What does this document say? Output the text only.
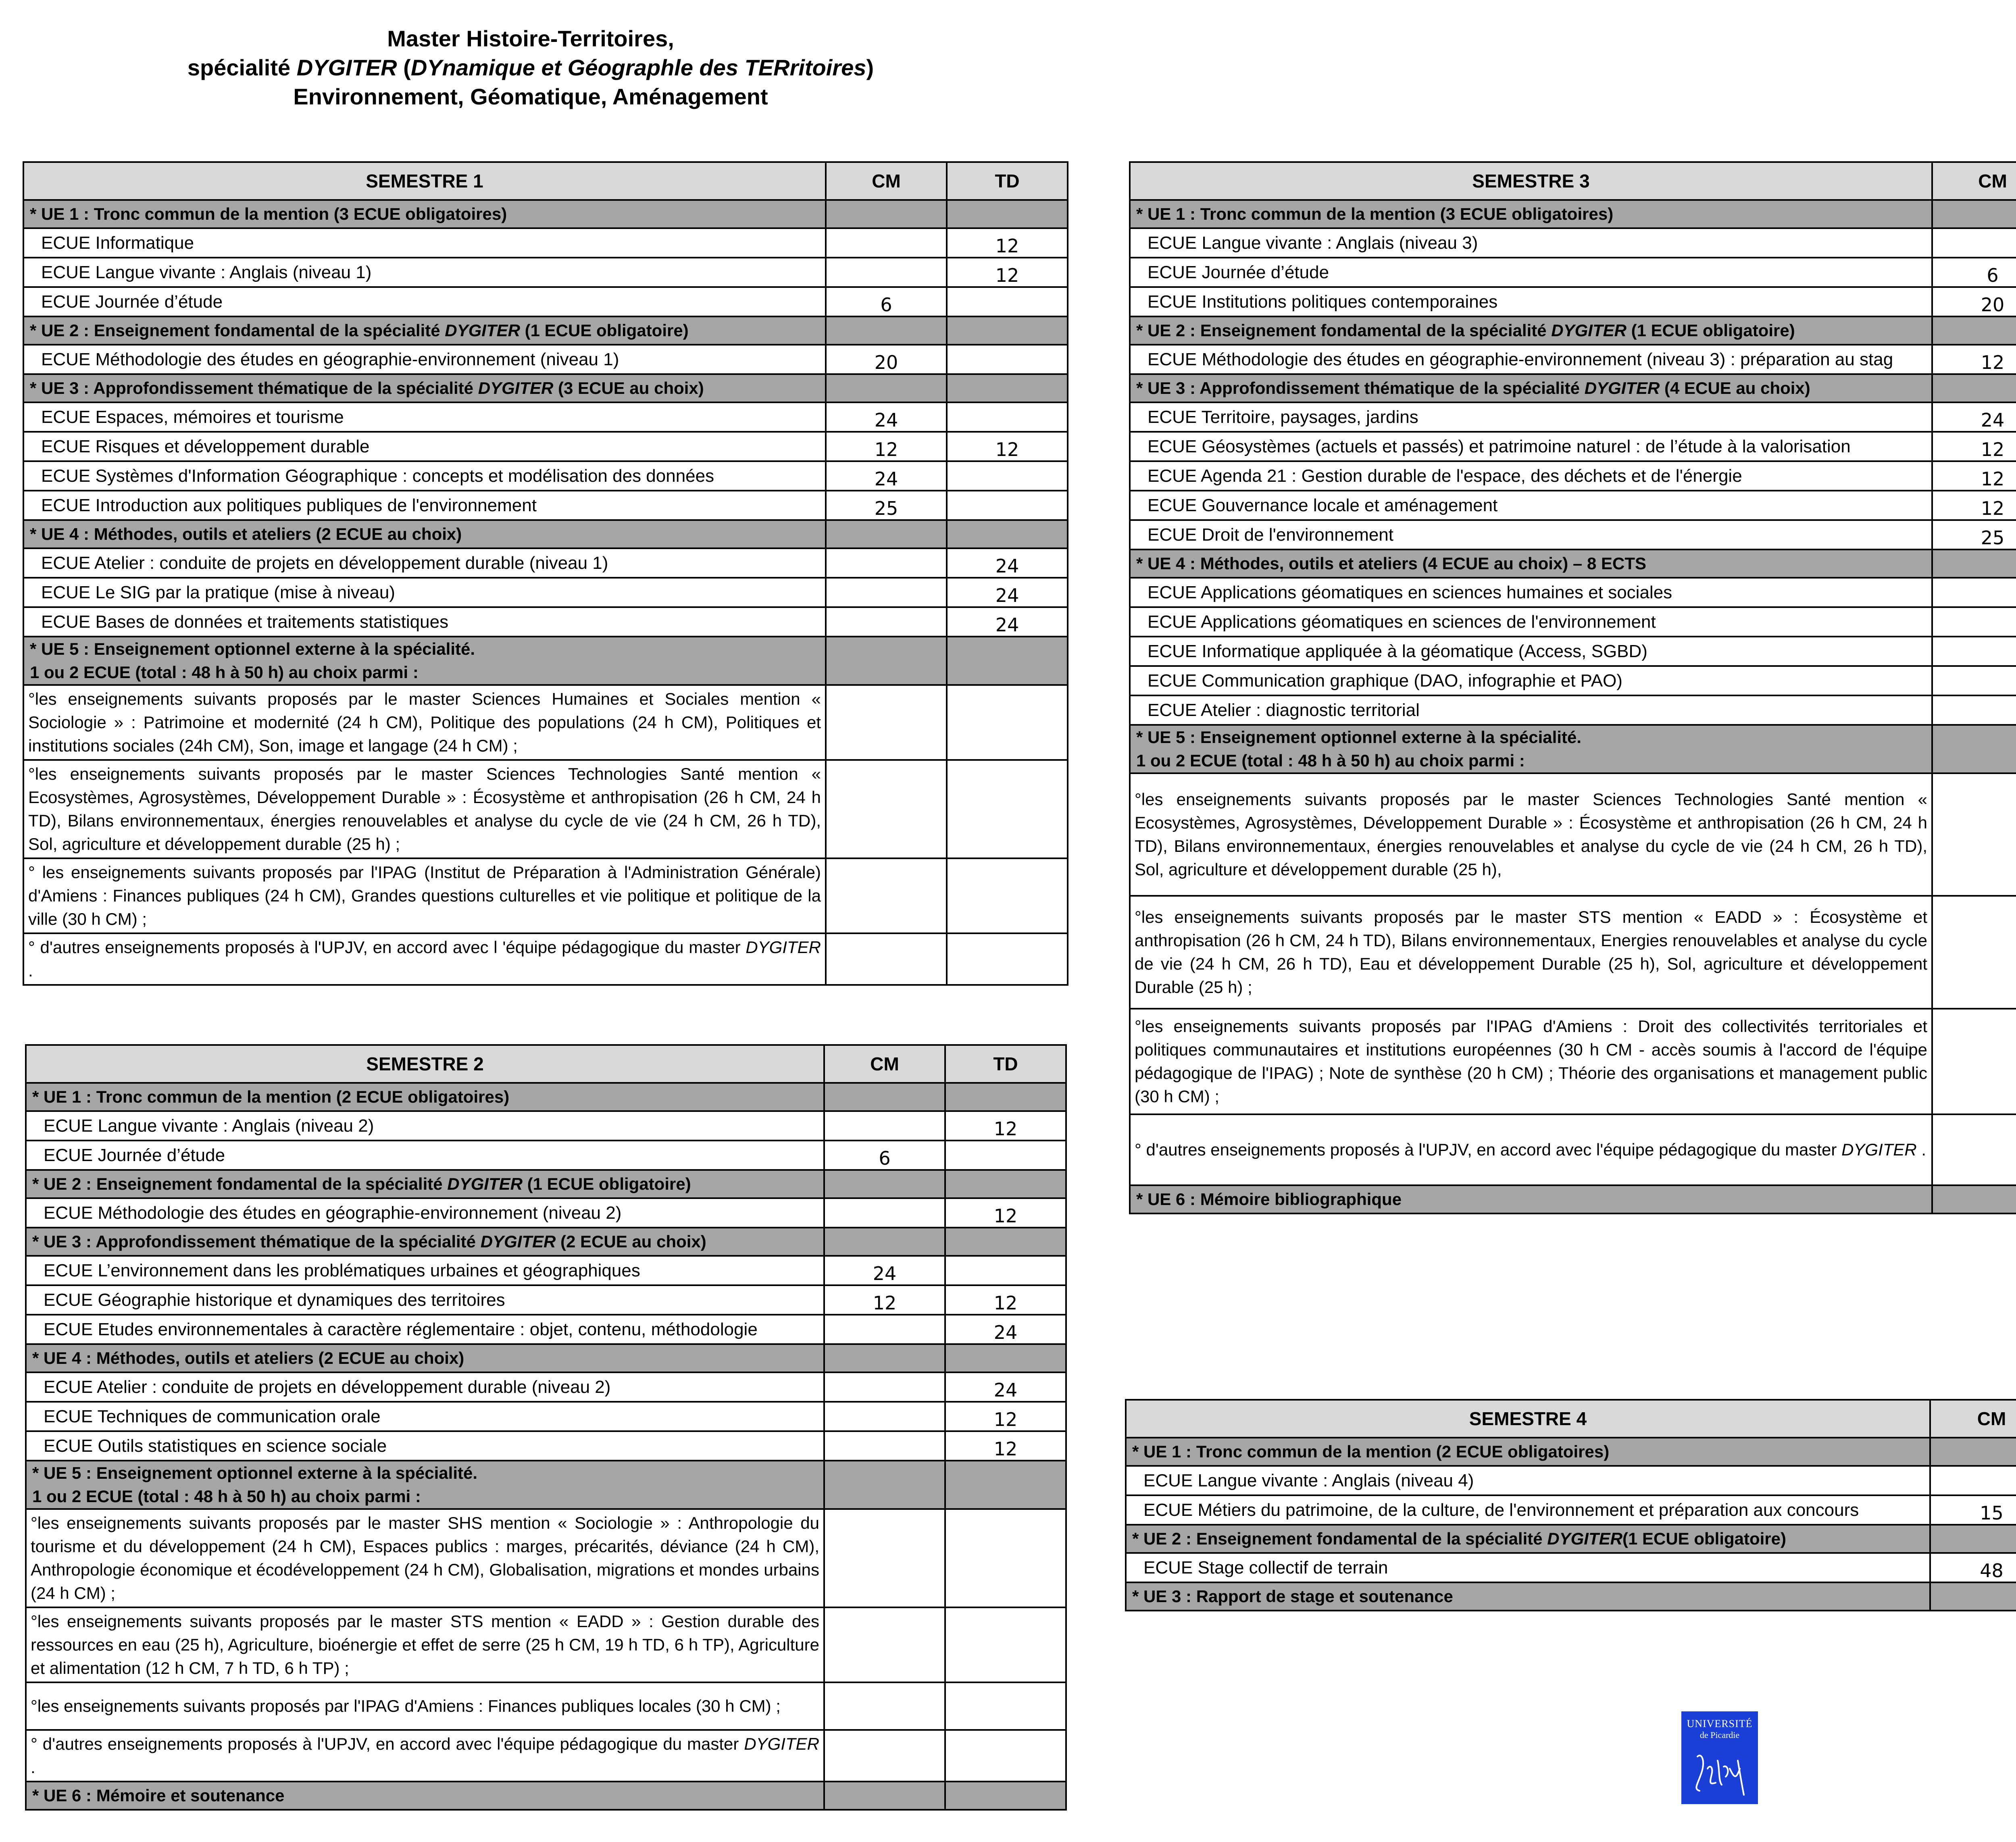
Master Histoire-Territoires,
spécialité DYGITER (DYnamique et Géographle des TERritoires)
Environnement, Géomatique, Aménagement
SEMESTRE 1	CM	TD
* UE 1 : Tronc commun de la mention (3 ECUE obligatoires)		
ECUE Informatique		12
ECUE Langue vivante : Anglais (niveau 1)		12
ECUE Journée d’étude	6	
* UE 2 : Enseignement fondamental de la spécialité DYGITER (1 ECUE obligatoire)		
ECUE Méthodologie des études en géographie-environnement (niveau 1)	20	
* UE 3 : Approfondissement thématique de la spécialité DYGITER (3 ECUE au choix)		
ECUE Espaces, mémoires et tourisme	24	
ECUE Risques et développement durable	12	12
ECUE Systèmes d'Information Géographique : concepts et modélisation des données	24	
ECUE Introduction aux politiques publiques de l'environnement	25	
* UE 4 : Méthodes, outils et ateliers (2 ECUE au choix)		
ECUE Atelier : conduite de projets en développement durable (niveau 1)		24
ECUE Le SIG par la pratique (mise à niveau)		24
ECUE Bases de données et traitements statistiques		24

* UE 5 : Enseignement optionnel externe à la spécialité.
1 ou 2 ECUE (total : 48 h à 50 h) au choix parmi :		

°les enseignements suivants proposés par le master Sciences Humaines et Sociales mention « Sociologie » : Patrimoine et modernité (24 h CM), Politique des populations (24 h CM), Politiques et institutions sociales (24h CM), Son, image et langage (24 h CM) ;		
°les enseignements suivants proposés par le master Sciences Technologies Santé mention « Ecosystèmes, Agrosystèmes, Développement Durable » : Écosystème et anthropisation (26 h CM, 24 h TD), Bilans environnementaux, énergies renouvelables et analyse du cycle de vie (24 h CM, 26 h TD), Sol, agriculture et développement durable (25 h) ;		
° les enseignements suivants proposés par l'IPAG (Institut de Préparation à l'Administration Générale) d'Amiens : Finances publiques (24 h CM), Grandes questions culturelles et vie politique et politique de la ville (30 h CM) ;		
° d'autres enseignements proposés à l'UPJV, en accord avec l 'équipe pédagogique du master DYGITER .		
SEMESTRE 2	CM	TD
* UE 1 : Tronc commun de la mention (2 ECUE obligatoires)		
ECUE Langue vivante : Anglais (niveau 2)		12
ECUE Journée d’étude	6	
* UE 2 : Enseignement fondamental de la spécialité DYGITER (1 ECUE obligatoire)		
ECUE Méthodologie des études en géographie-environnement (niveau 2)		12
* UE 3 : Approfondissement thématique de la spécialité DYGITER (2 ECUE au choix)		
ECUE L’environnement dans les problématiques urbaines et géographiques	24	
ECUE Géographie historique et dynamiques des territoires	12	12
ECUE Etudes environnementales à caractère réglementaire : objet, contenu, méthodologie		24
* UE 4 : Méthodes, outils et ateliers (2 ECUE au choix)		
ECUE Atelier : conduite de projets en développement durable (niveau 2)		24
ECUE Techniques de communication orale		12
ECUE Outils statistiques en science sociale		12

* UE 5 : Enseignement optionnel externe à la spécialité.
1 ou 2 ECUE (total : 48 h à 50 h) au choix parmi :		

°les enseignements suivants proposés par le master SHS mention « Sociologie » : Anthropologie du tourisme et du développement (24 h CM), Espaces publics : marges, précarités, déviance (24 h CM), Anthropologie économique et écodéveloppement (24 h CM), Globalisation, migrations et mondes urbains (24 h CM) ;		
°les enseignements suivants proposés par le master STS mention « EADD » : Gestion durable des ressources en eau (25 h), Agriculture, bioénergie et effet de serre (25 h CM, 19 h TD, 6 h TP), Agriculture et alimentation (12 h CM, 7 h TD, 6 h TP) ;		
°les enseignements suivants proposés par l'IPAG d'Amiens : Finances publiques locales (30 h CM) ;		
° d'autres enseignements proposés à l'UPJV, en accord avec l'équipe pédagogique du master DYGITER .		
* UE 6 : Mémoire et soutenance		
SEMESTRE 3	CM	
* UE 1 : Tronc commun de la mention (3 ECUE obligatoires)		
ECUE Langue vivante : Anglais (niveau 3)		
ECUE Journée d’étude	6	
ECUE Institutions politiques contemporaines	20	
* UE 2 : Enseignement fondamental de la spécialité DYGITER (1 ECUE obligatoire)		
ECUE Méthodologie des études en géographie-environnement (niveau 3) : préparation au stag	12	
* UE 3 : Approfondissement thématique de la spécialité DYGITER (4 ECUE au choix)		
ECUE Territoire, paysages, jardins	24	
ECUE Géosystèmes (actuels et passés) et patrimoine naturel : de l’étude à la valorisation	12	
ECUE Agenda 21 : Gestion durable de l'espace, des déchets et de l'énergie	12	
ECUE Gouvernance locale et aménagement	12	
ECUE Droit de l'environnement	25	
* UE 4 : Méthodes, outils et ateliers (4 ECUE au choix) – 8 ECTS		
ECUE Applications géomatiques en sciences humaines et sociales		
ECUE Applications géomatiques en sciences de l'environnement		
ECUE Informatique appliquée à la géomatique (Access, SGBD)		
ECUE Communication graphique (DAO, infographie et PAO)		
ECUE Atelier : diagnostic territorial		

* UE 5 : Enseignement optionnel externe à la spécialité.
1 ou 2 ECUE (total : 48 h à 50 h) au choix parmi :		

°les enseignements suivants proposés par le master Sciences Technologies Santé mention « Ecosystèmes, Agrosystèmes, Développement Durable » : Écosystème et anthropisation (26 h CM, 24 h TD), Bilans environnementaux, énergies renouvelables et analyse du cycle de vie (24 h CM, 26 h TD), Sol, agriculture et développement durable (25 h),		
°les enseignements suivants proposés par le master STS mention « EADD » : Écosystème et anthropisation (26 h CM, 24 h TD), Bilans environnementaux, Energies renouvelables et analyse du cycle de vie (24 h CM, 26 h TD), Eau et développement Durable (25 h), Sol, agriculture et développement Durable (25 h) ;		
°les enseignements suivants proposés par l'IPAG d'Amiens : Droit des collectivités territoriales et politiques communautaires et institutions européennes (30 h CM - accès soumis à l'accord de l'équipe pédagogique de l'IPAG) ; Note de synthèse (20 h CM) ; Théorie des organisations et management public (30 h CM) ;		
° d'autres enseignements proposés à l'UPJV, en accord avec l'équipe pédagogique du master DYGITER .		
* UE 6 : Mémoire bibliographique		
SEMESTRE 4	CM	
* UE 1 : Tronc commun de la mention (2 ECUE obligatoires)		
ECUE Langue vivante : Anglais (niveau 4)		
ECUE Métiers du patrimoine, de la culture, de l'environnement et préparation aux concours	15	
* UE 2 : Enseignement fondamental de la spécialité DYGITER(1 ECUE obligatoire)		
ECUE Stage collectif de terrain	48	
* UE 3 : Rapport de stage et soutenance		
UNIVERSITÉ
de Picardie
